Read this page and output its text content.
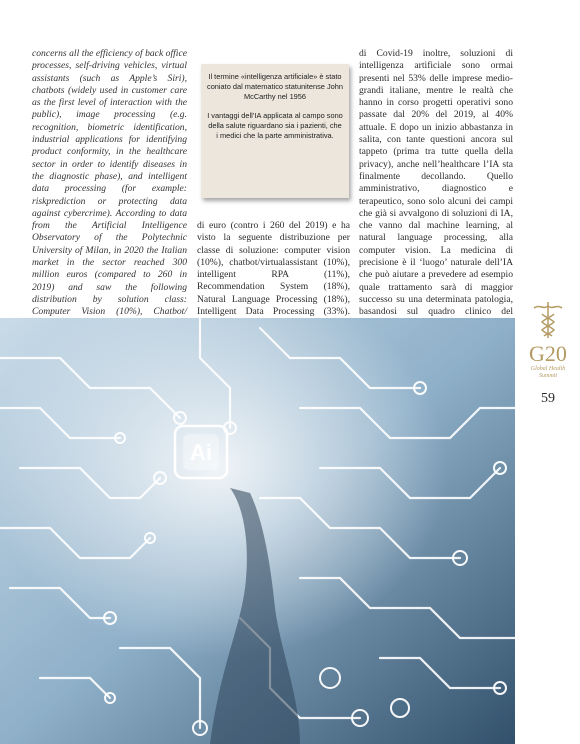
concerns all the efficiency of back office processes, self-driving vehicles, virtual assistants (such as Apple’s Siri), chatbots (widely used in customer care as the first level of interaction with the public), image processing (e.g. recognition, biometric identification, industrial applications for identifying product conformity, in the healthcare sector in order to identify diseases in the diagnostic phase), and intelligent data processing (for example: riskprediction or protecting data against cybercrime). According to data from the Artificial Intelligence Observatory of the Polytechnic University of Milan, in 2020 the Italian market in the sector reached 300 million euros (compared to 260 in 2019) and saw the following distribution by solution class: Computer Vision (10%), Chatbot/

Il termine «intelligenza artificiale» è stato coniato dal matematico statunitense John McCarthy nel 1956

I vantaggi dell’IA applicata al campo sono della salute riguardano sia i pazienti, che i medici che la parte amministrativa.

di euro (contro i 260 del 2019) e ha visto la seguente distribuzione per classe di soluzione: computer vision (10%), chatbot/virtualassistant (10%), intelligent RPA (11%), Recommendation System (18%), Natural Language Processing (18%), Intelligent Data Processing (33%).
di Covid-19 inoltre, soluzioni di intelligenza artificiale sono ormai presenti nel 53% delle imprese medio-grandi italiane, mentre le realtà che hanno in corso progetti operativi sono passate dal 20% del 2019, al 40% attuale. E dopo un inizio abbastanza in salita, con tante questioni ancora sul tappeto (prima tra tutte quella della privacy), anche nell’healthcare l’IA sta finalmente decollando. Quello amministrativo, diagnostico e terapeutico, sono solo alcuni dei campi che già si avvalgono di soluzioni di IA, che vanno dal machine learning, al natural language processing, alla computer vision. La medicina di precisione è il ‘luogo’ naturale dell’IA che può aiutare a prevedere ad esempio quale trattamento sarà di maggior successo su una determinata patologia, basandosi sul quadro clinico del
Ai
G20
Global Health
Summit
59
